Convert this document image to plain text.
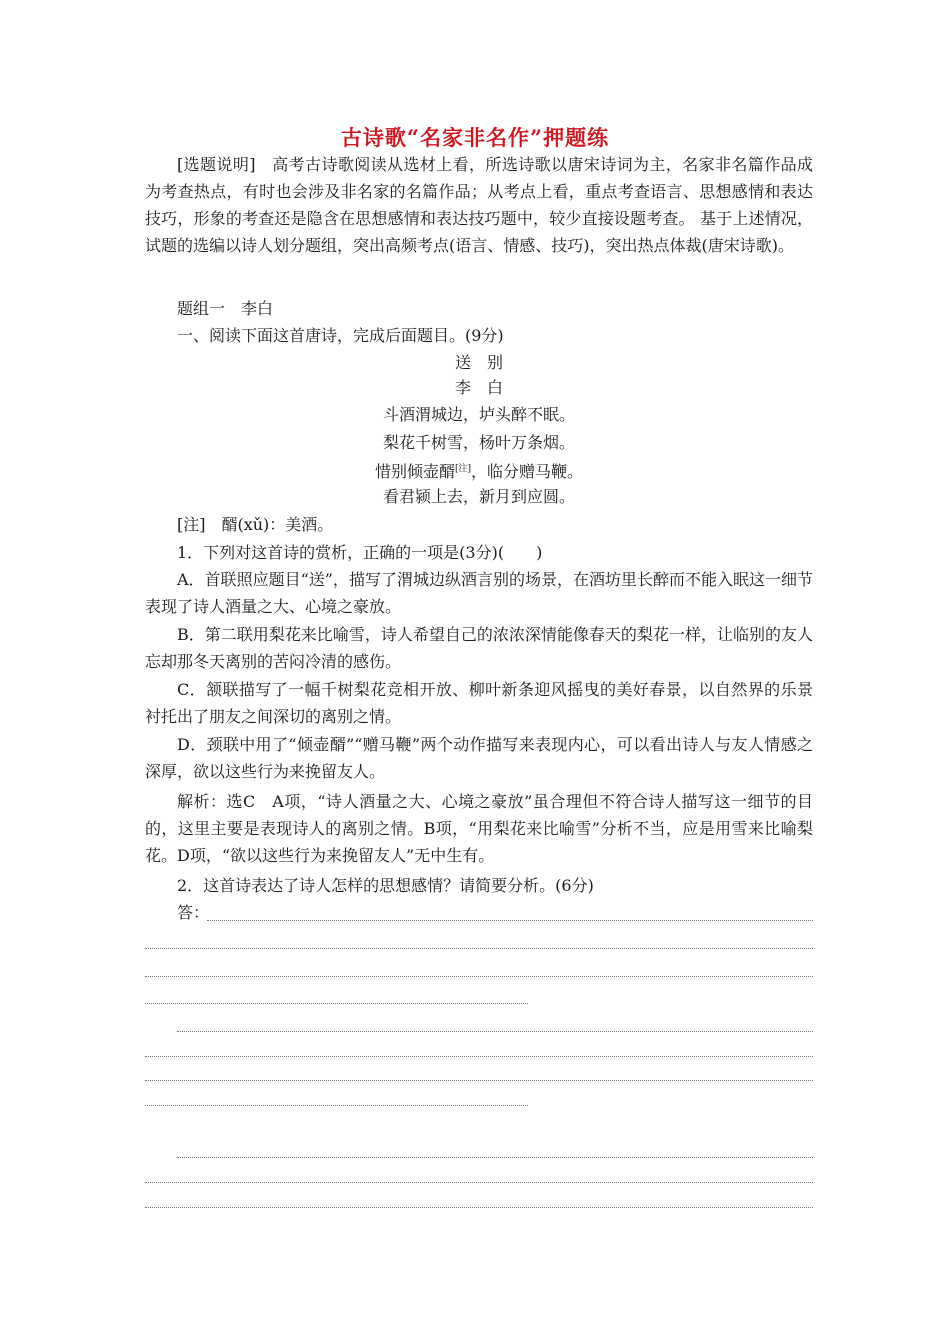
古诗歌“名家非名作”押题练
[选题说明]　高考古诗歌阅读从选材上看，所选诗歌以唐宋诗词为主，名家非名篇作品成为考查热点，有时也会涉及非名家的名篇作品；从考点上看，重点考查语言、思想感情和表达技巧，形象的考查还是隐含在思想感情和表达技巧题中，较少直接设题考查。 基于上述情况，试题的选编以诗人划分题组，突出高频考点(语言、情感、技巧)，突出热点体裁(唐宋诗歌)。
题组一　李白
一、阅读下面这首唐诗，完成后面题目。(9分)
送　别
李　白
斗酒渭城边，垆头醉不眠。
梨花千树雪，杨叶万条烟。
惜别倾壶醑[注]，临分赠马鞭。
看君颍上去，新月到应圆。
[注]　醑(xǔ)：美酒。
1．下列对这首诗的赏析，正确的一项是(3分)(　　)
A．首联照应题目“送”，描写了渭城边纵酒言别的场景，在酒坊里长醉而不能入眠这一细节表现了诗人酒量之大、心境之豪放。
B．第二联用梨花来比喻雪，诗人希望自己的浓浓深情能像春天的梨花一样，让临别的友人忘却那冬天离别的苦闷冷清的感伤。
C．颔联描写了一幅千树梨花竞相开放、柳叶新条迎风摇曳的美好春景，以自然界的乐景衬托出了朋友之间深切的离别之情。
D．颈联中用了“倾壶醑”“赠马鞭”两个动作描写来表现内心，可以看出诗人与友人情感之深厚，欲以这些行为来挽留友人。
解析：选C　A项，“诗人酒量之大、心境之豪放”虽合理但不符合诗人描写这一细节的目的，这里主要是表现诗人的离别之情。B项，“用梨花来比喻雪”分析不当，应是用雪来比喻梨花。D项，“欲以这些行为来挽留友人”无中生有。
2．这首诗表达了诗人怎样的思想感情？请简要分析。(6分)
答：
